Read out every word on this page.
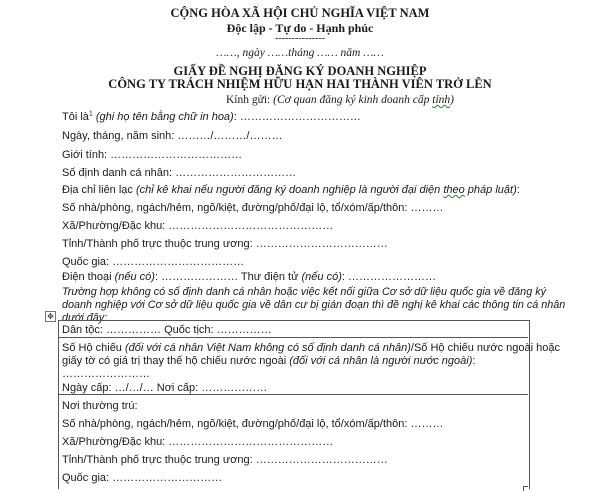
CỘNG HÒA XÃ HỘI CHỦ NGHĨA VIỆT NAM
Độc lập - Tự do - Hạnh phúc
---------------
……, ngày ……tháng …… năm ……
GIẤY ĐỀ NGHỊ ĐĂNG KÝ DOANH NGHIỆP
CÔNG TY TRÁCH NHIỆM HỮU HẠN HAI THÀNH VIÊN TRỞ LÊN
Kính gửi: (Cơ quan đăng ký kinh doanh cấp tỉnh)
Tôi $là^1$ (ghi họ tên bằng chữ in hoa): ……………………………
Ngày, tháng, năm sinh: ………/………/………
Giới tính: ………………………………
Số định danh cá nhân: ……………………………
Địa chỉ liên lạc (chỉ kê khai nếu người đăng ký doanh nghiệp là người đại diện theo pháp luật):
Số nhà/phòng, ngách/hẻm, ngõ/kiệt, đường/phố/đại lộ, tổ/xóm/ấp/thôn: ………
Xã/Phường/Đặc khu: ………………………………………
Tỉnh/Thành phố trực thuộc trung ương: ………………………………
Quốc gia: ………………………………
Điện thoại (nếu có): ………………… Thư điện tử (nếu có): ……………………
Trường hợp không có số định danh cá nhân hoặc việc kết nối giữa Cơ sở dữ liệu quốc gia về đăng ký
doanh nghiệp với Cơ sở dữ liệu quốc gia về dân cư bị gián đoạn thì đề nghị kê khai các thông tin cá nhân
dưới đây:
✥
Dân tộc: …………… Quốc tịch: ……………
Số Hộ chiếu (đối với cá nhân Việt Nam không có số định danh cá nhân)/Số Hộ chiếu nước ngoài hoặc
giấy tờ có giá trị thay thế hộ chiếu nước ngoài (đối với cá nhân là người nước ngoài):
……………………
Ngày cấp: …/…/… Nơi cấp: ………………
Nơi thường trú:
Số nhà/phòng, ngách/hẻm, ngõ/kiệt, đường/phố/đại lộ, tổ/xóm/ấp/thôn: ………
Xã/Phường/Đặc khu: ………………………………………
Tỉnh/Thành phố trực thuộc trung ương: ………………………………
Quốc gia: …………………………
